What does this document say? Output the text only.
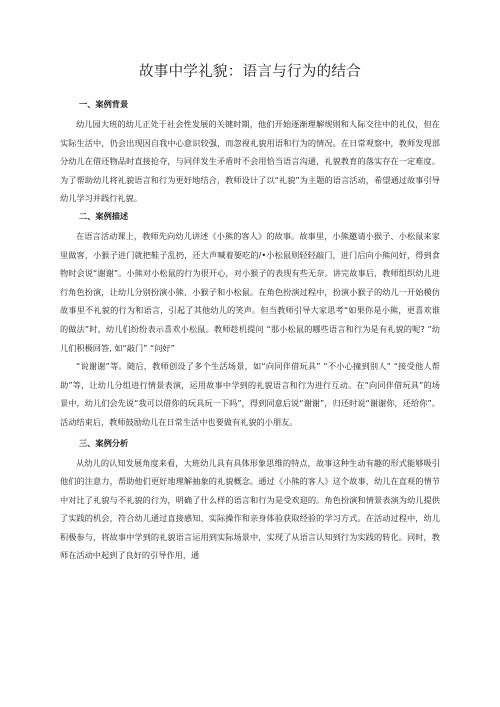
故事中学礼貌：语言与行为的结合
一、案例背景

幼儿园大班的幼儿正处于社会性发展的关键时期，他们开始逐渐理解规则和人际交往中的礼仪，但在实际生活中，仍会出现因自我中心意识较强，而忽视礼貌用语和行为的情况。在日常观察中，教师发现部分幼儿在借还物品时直接抢夺，与同伴发生矛盾时不会用恰当语言沟通，礼貌教育的落实存在一定难度。为了帮助幼儿将礼貌语言和行为更好地结合，教师设计了以“礼貌”为主题的语言活动，希望通过故事引导幼儿学习并践行礼貌。

二、案例描述

在语言活动课上，教师先向幼儿讲述《小熊的客人》的故事。故事里，小熊邀请小猴子、小松鼠来家里做客，小猴子进门就把鞋子乱扔，还大声喊着要吃的/•小松鼠则轻轻敲门，进门后向小熊问好，得到食物时会说“谢谢”。小熊对小松鼠的行为很开心，对小猴子的表现有些无奈。讲完故事后，教师组织幼儿进行角色扮演，让幼儿分别扮演小熊、小猴子和小松鼠。在角色扮演过程中，扮演小猴子的幼儿一开始模仿故事里不礼貌的行为和语言，引起了其他幼儿的笑声。但当教师引导大家思考“如果你是小熊，更喜欢谁的做法”时，幼儿们纷纷表示喜欢小松鼠。教师趁机提问 “那小松鼠的哪些语言和行为是有礼貌的呢? ”幼儿们积极回答, 如“敲门” “问好”

“说谢谢”等。随后，教师创设了多个生活场景，如“向同伴借玩具” “不小心撞到别人” “接受他人帮助”等，让幼儿分组进行情景表演，运用故事中学到的礼貌语言和行为进行互动。在“向同伴借玩具”的场景中，幼儿们会先说“我可以借你的玩具玩一下吗”，得到同意后说“谢谢”，归还时说“谢谢你，还给你”。活动结束后，教师鼓励幼儿在日常生活中也要做有礼貌的小朋友。

三、案例分析

从幼儿的认知发展角度来看，大班幼儿具有具体形象思维的特点，故事这种生动有趣的形式能够吸引他们的注意力，帮助他们更好地理解抽象的礼貌概念。通过《小熊的客人》这个故事，幼儿在直观的情节中对比了礼貌与不礼貌的行为，明确了什么样的语言和行为是受欢迎的。角色扮演和情景表演为幼儿提供了实践的机会，符合幼儿通过直接感知、实际操作和亲身体验获取经验的学习方式。在活动过程中，幼儿积极参与，将故事中学到的礼貌语言运用到实际场景中，实现了从语言认知到行为实践的转化。同时，教师在活动中起到了良好的引导作用，通
